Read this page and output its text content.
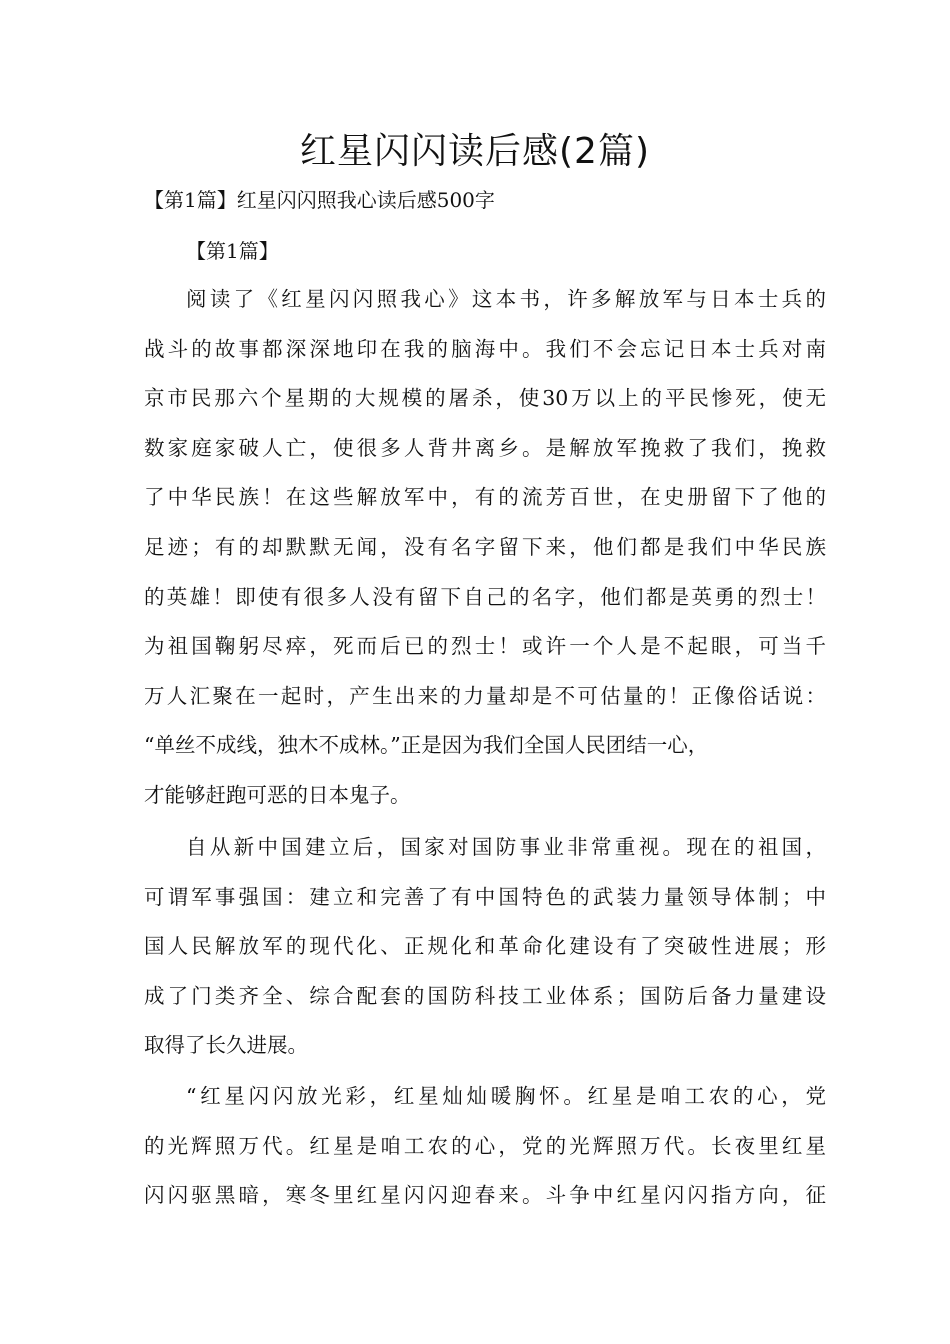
红星闪闪读后感(2篇)

【第1篇】红星闪闪照我心读后感500字

【第1篇】

阅读了《红星闪闪照我心》这本书，许多解放军与日本士兵的
战斗的故事都深深地印在我的脑海中。我们不会忘记日本士兵对南
京市民那六个星期的大规模的屠杀，使30万以上的平民惨死，使无
数家庭家破人亡，使很多人背井离乡。是解放军挽救了我们，挽救
了中华民族！在这些解放军中，有的流芳百世，在史册留下了他的
足迹；有的却默默无闻，没有名字留下来，他们都是我们中华民族
的英雄！即使有很多人没有留下自己的名字，他们都是英勇的烈士！
为祖国鞠躬尽瘁，死而后已的烈士！或许一个人是不起眼，可当千
万人汇聚在一起时，产生出来的力量却是不可估量的！正像俗话说：
“单丝不成线，独木不成林。”正是因为我们全国人民团结一心，
才能够赶跑可恶的日本鬼子。
自从新中国建立后，国家对国防事业非常重视。现在的祖国，
可谓军事强国：建立和完善了有中国特色的武装力量领导体制；中
国人民解放军的现代化、正规化和革命化建设有了突破性进展；形
成了门类齐全、综合配套的国防科技工业体系；国防后备力量建设
取得了长久进展。
“红星闪闪放光彩，红星灿灿暖胸怀。红星是咱工农的心，党
的光辉照万代。红星是咱工农的心，党的光辉照万代。长夜里红星
闪闪驱黑暗，寒冬里红星闪闪迎春来。斗争中红星闪闪指方向，征
